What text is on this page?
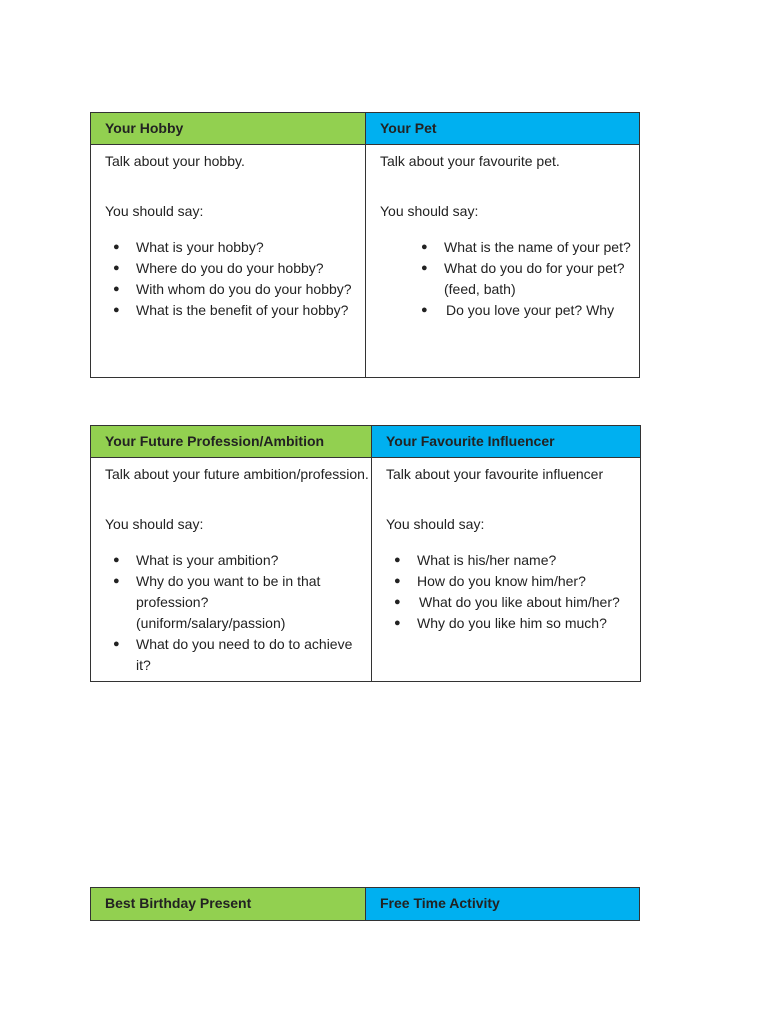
Your Hobby

Talk about your hobby.

You should say:

● What is your hobby?
● Where do you do your hobby?
● With whom do you do your hobby?
● What is the benefit of your hobby?
Your Pet

Talk about your favourite pet.

You should say:

● What is the name of your pet?
● What do you do for your pet? (feed, bath)
● Do you love your pet? Why
Your Future Profession/Ambition

Talk about your future ambition/profession.

You should say:

● What is your ambition?
● Why do you want to be in that profession? (uniform/salary/passion)
● What do you need to do to achieve it?
Your Favourite Influencer

Talk about your favourite influencer

You should say:

● What is his/her name?
● How do you know him/her?
● What do you like about him/her?
● Why do you like him so much?
Best Birthday Present	Free Time Activity
